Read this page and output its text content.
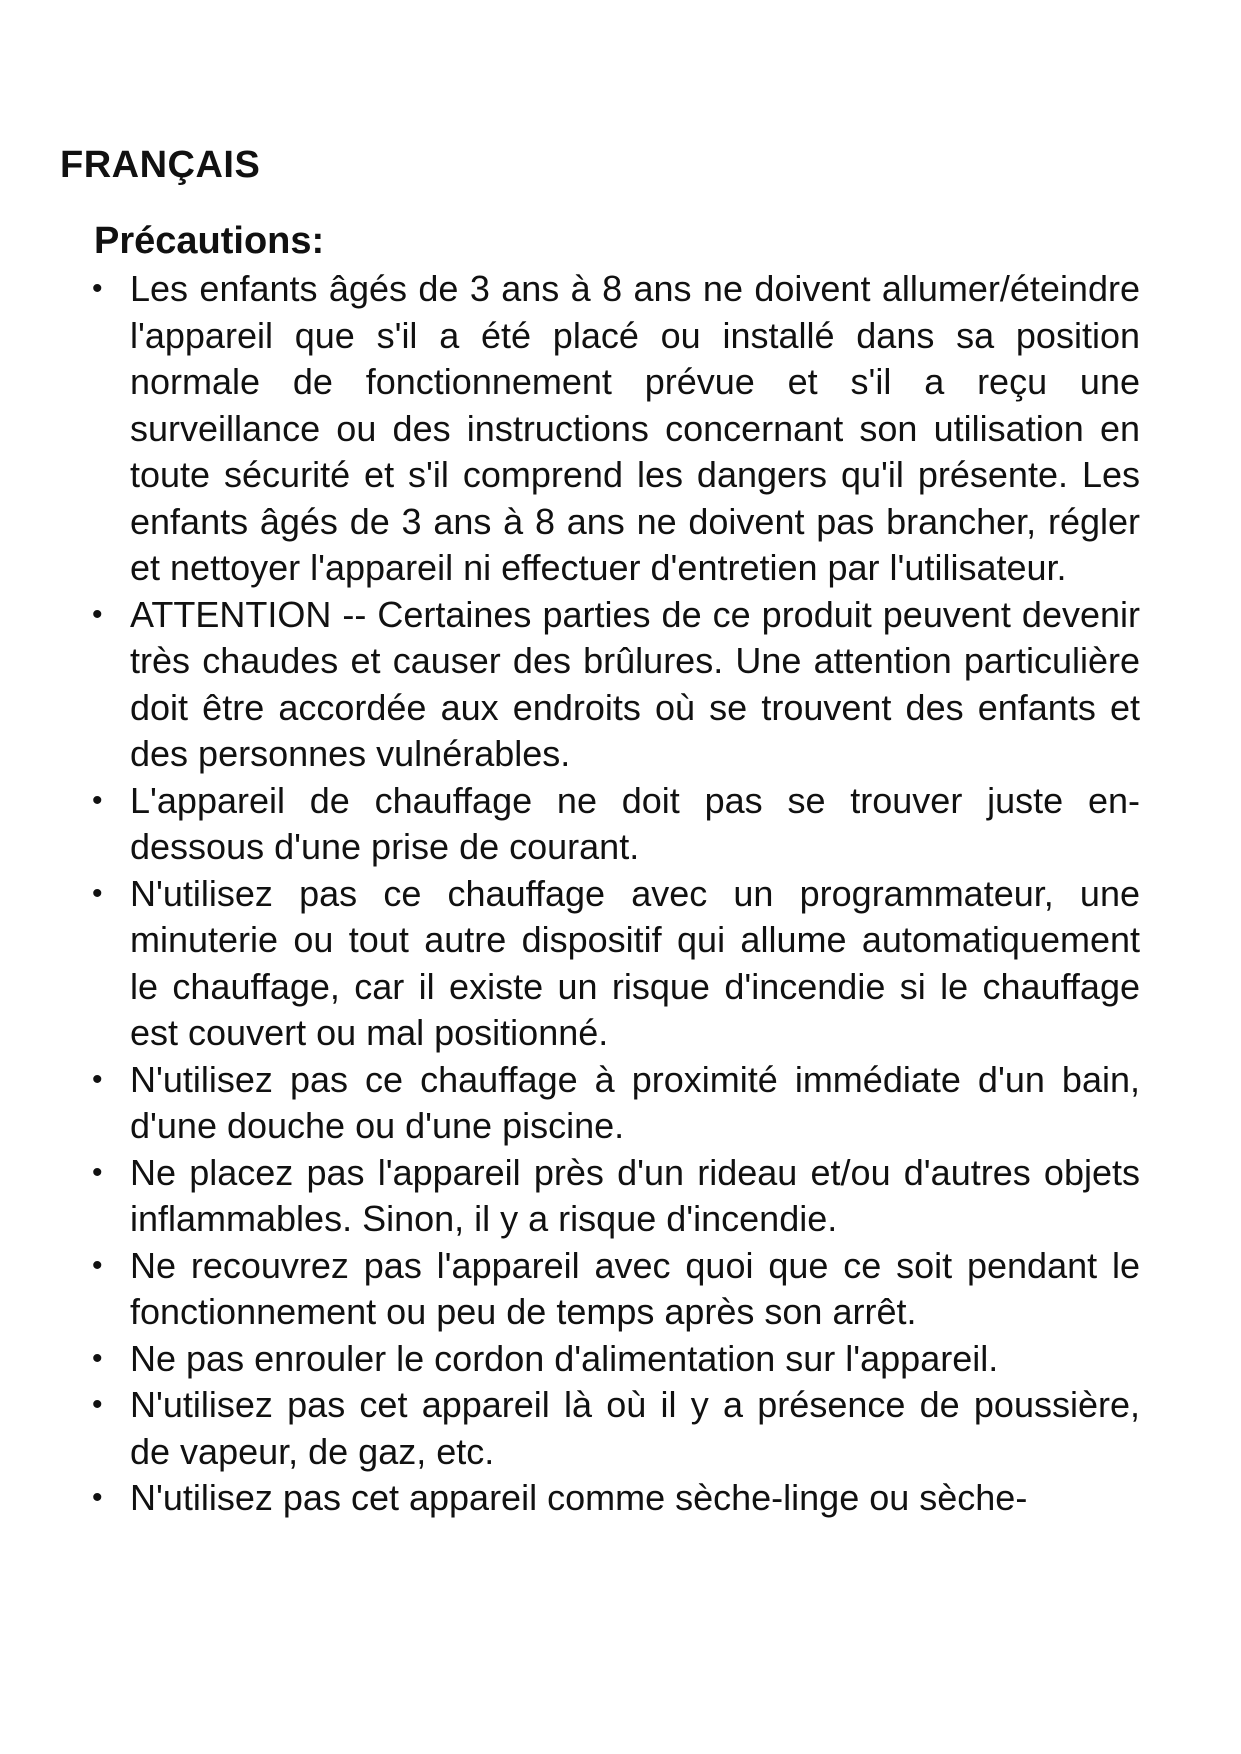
FRANÇAIS
Précautions:
• Les enfants âgés de 3 ans à 8 ans ne doivent allumer/éteindre l'appareil que s'il a été placé ou installé dans sa position normale de fonctionnement prévue et s'il a reçu une surveillance ou des instructions concernant son utilisation en toute sécurité et s'il comprend les dangers qu'il présente. Les enfants âgés de 3 ans à 8 ans ne doivent pas brancher, régler et nettoyer l'appareil ni effectuer d'entretien par l'utilisateur.
• ATTENTION -- Certaines parties de ce produit peuvent devenir très chaudes et causer des brûlures. Une attention particulière doit être accordée aux endroits où se trouvent des enfants et des personnes vulnérables.
• L'appareil de chauffage ne doit pas se trouver juste en-dessous d'une prise de courant.
• N'utilisez pas ce chauffage avec un programmateur, une minuterie ou tout autre dispositif qui allume automatiquement le chauffage, car il existe un risque d'incendie si le chauffage est couvert ou mal positionné.
• N'utilisez pas ce chauffage à proximité immédiate d'un bain, d'une douche ou d'une piscine.
• Ne placez pas l'appareil près d'un rideau et/ou d'autres objets inflammables. Sinon, il y a risque d'incendie.
• Ne recouvrez pas l'appareil avec quoi que ce soit pendant le fonctionnement ou peu de temps après son arrêt.
• Ne pas enrouler le cordon d'alimentation sur l'appareil.
• N'utilisez pas cet appareil là où il y a présence de poussière, de vapeur, de gaz, etc.
• N'utilisez pas cet appareil comme sèche-linge ou sèche-
